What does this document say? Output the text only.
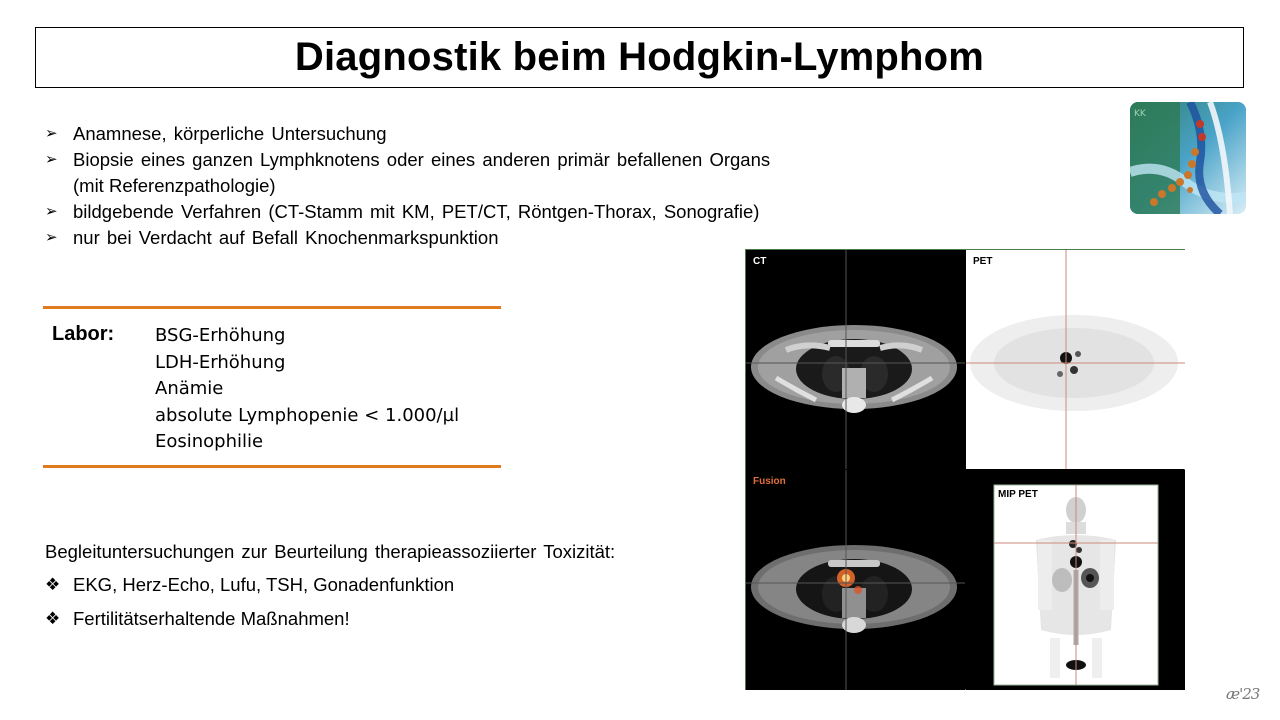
Diagnostik beim Hodgkin-Lymphom
➢ Anamnese, körperliche Untersuchung
➢ Biopsie eines ganzen Lymphknotens oder eines anderen primär befallenen Organs
(mit Referenzpathologie)
➢ bildgebende Verfahren (CT-Stamm mit KM, PET/CT, Röntgen-Thorax, Sonografie)
➢ nur bei Verdacht auf Befall Knochenmarkspunktion
Labor: BSG-Erhöhung
LDH-Erhöhung
Anämie
absolute Lymphopenie < 1.000/µl
Eosinophilie
Begleituntersuchungen zur Beurteilung therapieassoziierter Toxizität:
❖ EKG, Herz-Echo, Lufu, TSH, Gonadenfunktion
❖ Fertilitätserhaltende Maßnahmen!
KK
CT	PET
Fusion
MIP PET
æ'23
